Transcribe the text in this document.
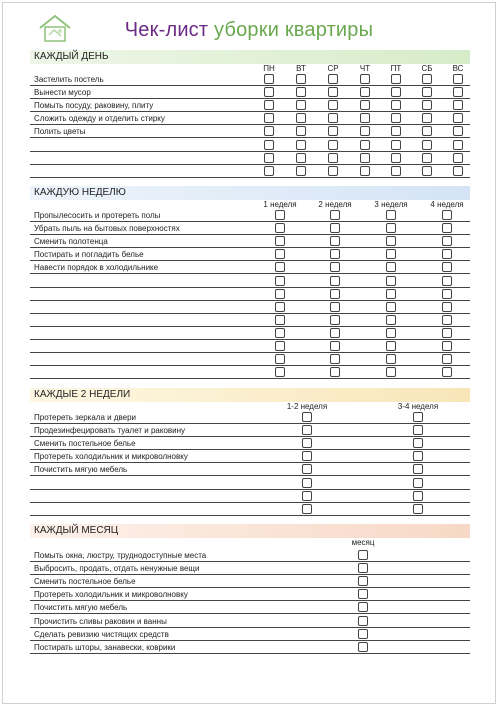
Чек-лист уборки квартиры
КАЖДЫЙ ДЕНЬ
ПН	ВТ	СР	ЧТ	ПТ	СБ	ВС
Застелить постель
Вынести мусор
Помыть посуду, раковину, плиту
Сложить одежду и отделить стирку
Полить цветы
КАЖДУЮ НЕДЕЛЮ
1 неделя	2 неделя	3 неделя	4 неделя
Пропылесосить и протереть полы
Убрать пыль на бытовых поверхностях
Сменить полотенца
Постирать и погладить белье
Навести порядок в холодильнике
КАЖДЫЕ 2 НЕДЕЛИ
1-2 неделя	3-4 неделя
Протереть зеркала и двери
Продезинфецировать туалет и раковину
Сменить постельное белье
Протереть холодильник и микроволновку
Почистить мягую мебель
КАЖДЫЙ МЕСЯЦ
месяц
Помыть окна, люстру, труднодоступные места
Выбросить, продать, отдать ненужные вещи
Сменить постельное белье
Протереть холодильник и микроволновку
Почистить мягую мебель
Прочистить сливы раковин и ванны
Сделать ревизию чистящих средств
Постирать шторы, занавески, коврики
